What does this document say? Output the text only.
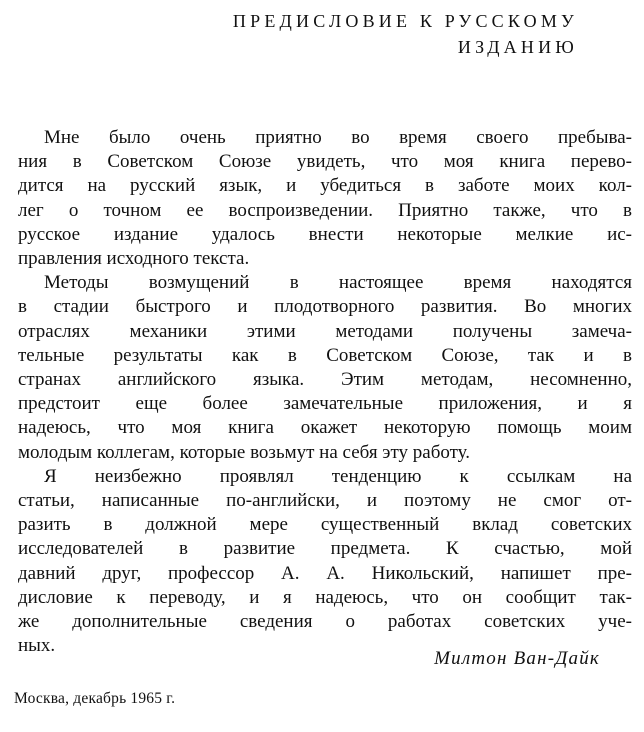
ПРЕДИСЛОВИЕ К РУССКОМУ
ИЗДАНИЮ
Мне было очень приятно во время своего пребыва-
ния в Советском Союзе увидеть, что моя книга перево-
дится на русский язык, и убедиться в заботе моих кол-
лег о точном ее воспроизведении. Приятно также, что в
русское издание удалось внести некоторые мелкие ис-
правления исходного текста.
Методы возмущений в настоящее время находятся
в стадии быстрого и плодотворного развития. Во многих
отраслях механики этими методами получены замеча-
тельные результаты как в Советском Союзе, так и в
странах английского языка. Этим методам, несомненно,
предстоит еще более замечательные приложения, и я
надеюсь, что моя книга окажет некоторую помощь моим
молодым коллегам, которые возьмут на себя эту работу.
Я неизбежно проявлял тенденцию к ссылкам на
статьи, написанные по-английски, и поэтому не смог от-
разить в должной мере существенный вклад советских
исследователей в развитие предмета. К счастью, мой
давний друг, профессор А. А. Никольский, напишет пре-
дисловие к переводу, и я надеюсь, что он сообщит так-
же дополнительные сведения о работах советских уче-
ных.
Милтон Ван-Дайк
Москва, декабрь 1965 г.
